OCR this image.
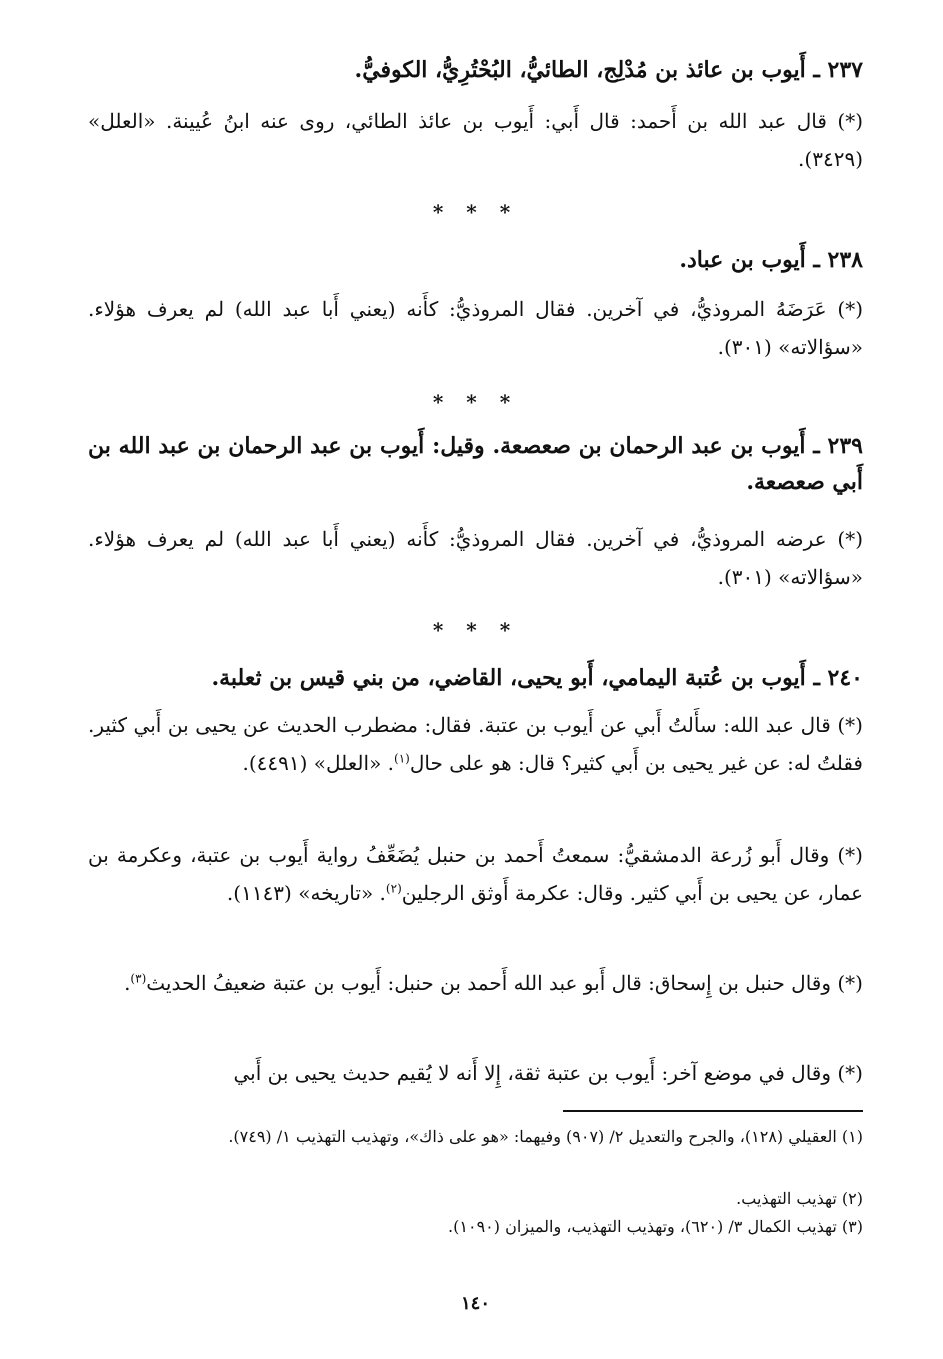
٢٣٧ ـ أَيوب بن عائذ بن مُدْلِج، الطائيُّ، البُحْتُرِيُّ، الكوفيُّ.

(*) قال عبد الله بن أَحمد: قال أَبي: أَيوب بن عائذ الطائي، روى عنه ابنُ عُيينة. «العلل» (٣٤٢٩).

* * *

٢٣٨ ـ أَيوب بن عباد.

(*) عَرَضَهُ المروذيُّ، في آخرين. فقال المروذيُّ: كأَنه (يعني أَبا عبد الله) لم يعرف هؤلاء. «سؤالاته» (٣٠١).

* * *

٢٣٩ ـ أَيوب بن عبد الرحمان بن صعصعة. وقيل: أَيوب بن عبد الرحمان بن عبد الله بن أَبي صعصعة.

(*) عرضه المروذيُّ، في آخرين. فقال المروذيُّ: كأَنه (يعني أَبا عبد الله) لم يعرف هؤلاء. «سؤالاته» (٣٠١).

* * *

٢٤٠ ـ أَيوب بن عُتبة اليمامي، أَبو يحيى، القاضي، من بني قيس بن ثعلبة.

(*) قال عبد الله: سأَلتُ أَبي عن أَيوب بن عتبة. فقال: مضطرب الحديث عن يحيى بن أَبي كثير. فقلتُ له: عن غير يحيى بن أَبي كثير؟ قال: هو على حال$^{(١)}$. «العلل» (٤٤٩١).

(*) وقال أَبو زُرعة الدمشقيُّ: سمعتُ أَحمد بن حنبل يُضَعِّفُ رواية أَيوب بن عتبة، وعكرمة بن عمار، عن يحيى بن أَبي كثير. وقال: عكرمة أَوثق الرجلين$^{(٢)}$. «تاريخه» (١١٤٣).

(*) وقال حنبل بن إِسحاق: قال أَبو عبد الله أَحمد بن حنبل: أَيوب بن عتبة ضعيفُ الحديث$^{(٣)}$.

(*) وقال في موضع آخر: أَيوب بن عتبة ثقة، إِلا أَنه لا يُقيم حديث يحيى بن أَبي

(١) العقيلي (١٢٨)، والجرح والتعديل ٢/ (٩٠٧) وفيهما: «هو على ذاك»، وتهذيب التهذيب ١/ (٧٤٩).

(٢) تهذيب التهذيب.

(٣) تهذيب الكمال ٣/ (٦٢٠)، وتهذيب التهذيب، والميزان (١٠٩٠).

١٤٠
